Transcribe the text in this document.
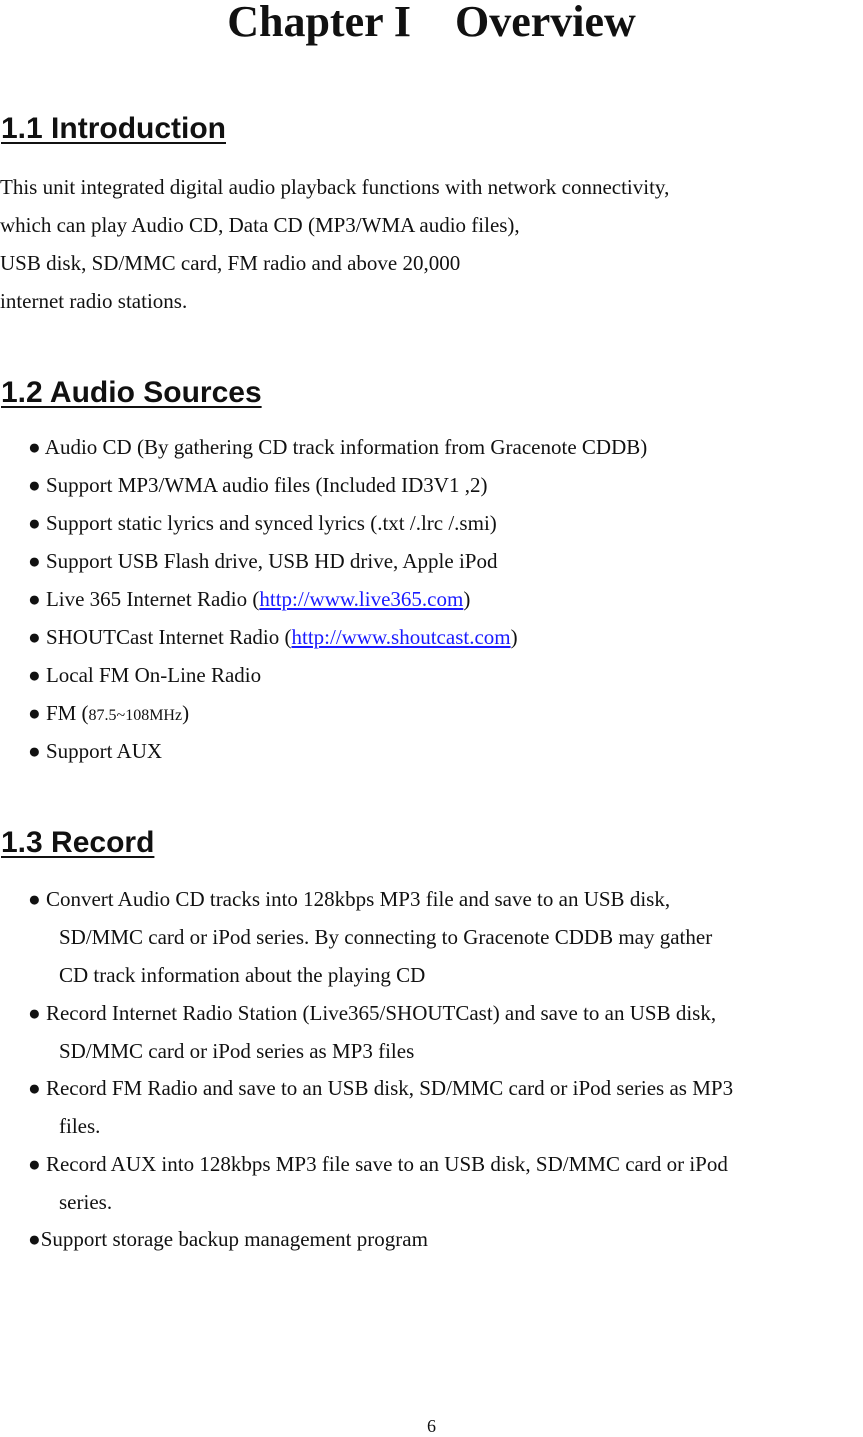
Chapter I Overview
1.1 Introduction
This unit integrated digital audio playback functions with network connectivity,
which can play Audio CD, Data CD (MP3/WMA audio files),
USB disk, SD/MMC card, FM radio and above 20,000
internet radio stations.
1.2 Audio Sources
● Audio CD (By gathering CD track information from Gracenote CDDB)
● Support MP3/WMA audio files (Included ID3V1 ,2)
● Support static lyrics and synced lyrics (.txt /.lrc /.smi)
● Support USB Flash drive, USB HD drive, Apple iPod
● Live 365 Internet Radio (http://www.live365.com)
● SHOUTCast Internet Radio (http://www.shoutcast.com)
● Local FM On-Line Radio
● FM (87.5~108MHz)
● Support AUX
1.3 Record
● Convert Audio CD tracks into 128kbps MP3 file and save to an USB disk,
SD/MMC card or iPod series. By connecting to Gracenote CDDB may gather
CD track information about the playing CD
● Record Internet Radio Station (Live365/SHOUTCast) and save to an USB disk,
SD/MMC card or iPod series as MP3 files
● Record FM Radio and save to an USB disk, SD/MMC card or iPod series as MP3
files.
● Record AUX into 128kbps MP3 file save to an USB disk, SD/MMC card or iPod
series.
●Support storage backup management program
6
